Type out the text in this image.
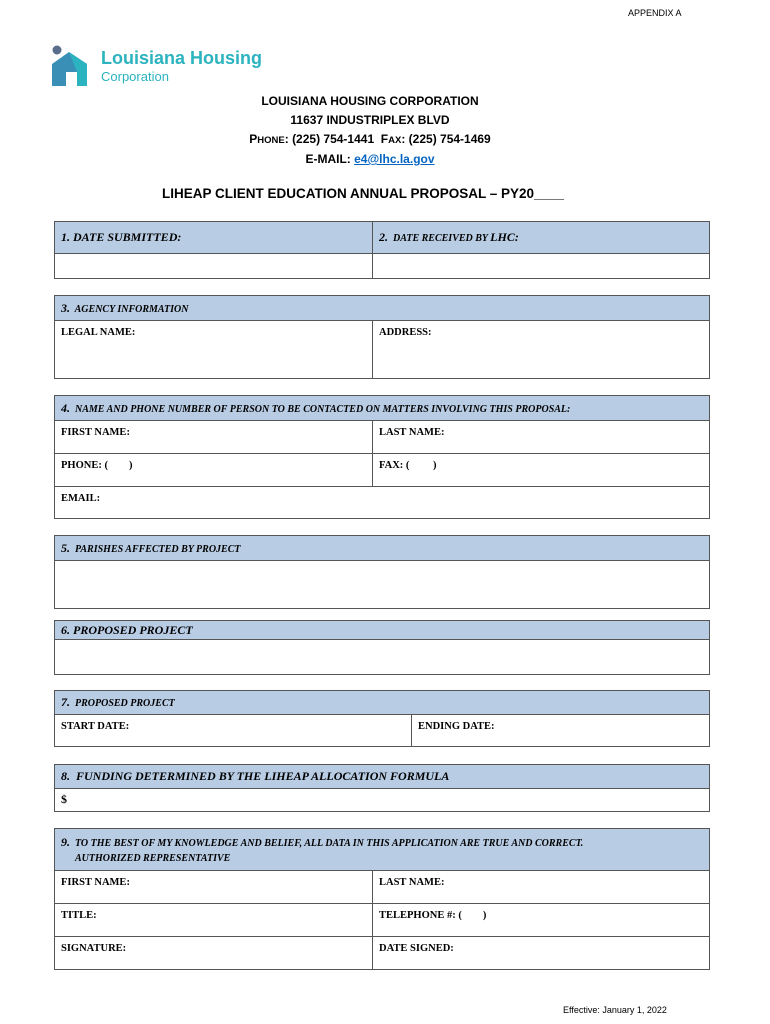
APPENDIX A
Louisiana Housing
Corporation
LOUISIANA HOUSING CORPORATION
11637 INDUSTRIPLEX BLVD
PHONE: (225) 754-1441 FAX: (225) 754-1469
E-MAIL: e4@lhc.la.gov
LIHEAP CLIENT EDUCATION ANNUAL PROPOSAL – PY20____
1. DATE SUBMITTED:	2. DATE RECEIVED BY LHC:
3. AGENCY INFORMATION
LEGAL NAME:	ADDRESS:
4. NAME AND PHONE NUMBER OF PERSON TO BE CONTACTED ON MATTERS INVOLVING THIS PROPOSAL:
FIRST NAME:	LAST NAME:
PHONE: (        )	FAX: (         )
EMAIL:
5. PARISHES AFFECTED BY PROJECT
6. PROPOSED PROJECT
7. PROPOSED PROJECT
START DATE:	ENDING DATE:
8. FUNDING DETERMINED BY THE LIHEAP ALLOCATION FORMULA
$
9. TO THE BEST OF MY KNOWLEDGE AND BELIEF, ALL DATA IN THIS APPLICATION ARE TRUE AND CORRECT.
AUTHORIZED REPRESENTATIVE
FIRST NAME:	LAST NAME:
TITLE:	TELEPHONE #: (        )
SIGNATURE:	DATE SIGNED:
Effective: January 1, 2022
